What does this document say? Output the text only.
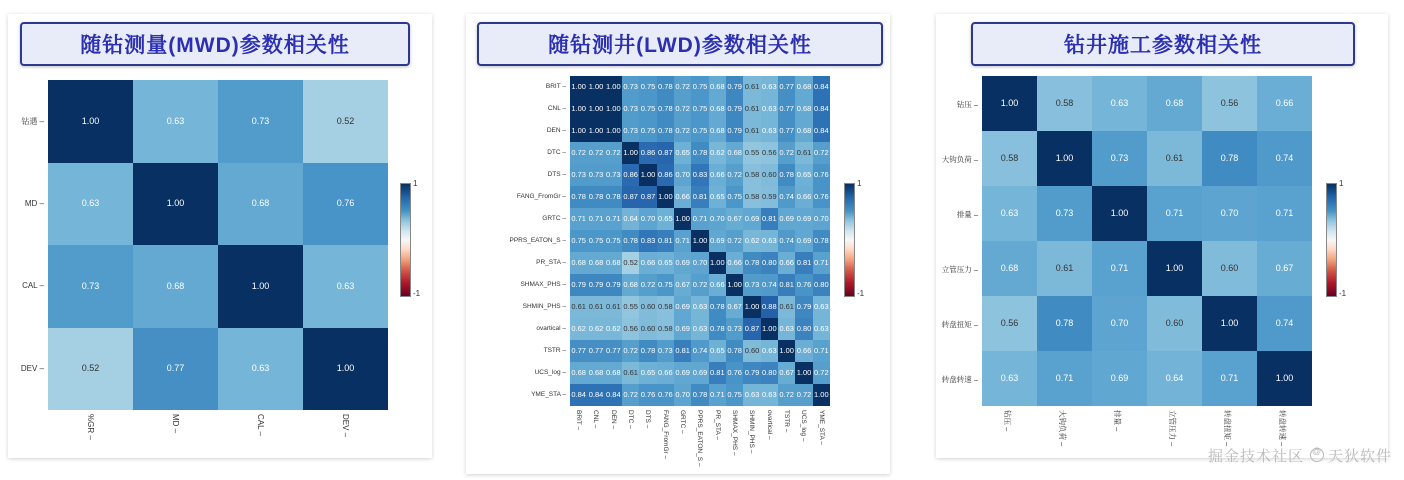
随钻测量(MWD)参数相关性
1.00	0.63	0.73	0.52
0.63	1.00	0.68	0.76
0.73	0.68	1.00	0.63
0.52	0.77	0.63	1.00
钻遇 –
MD –
CAL –
DEV –
%GR –	MD –	CAL –	DEV –
1
-1
随钻测井(LWD)参数相关性
1.00 1.00 1.00 0.73 0.75 0.78 0.72 0.75 0.68 0.79 0.61 0.63 0.77 0.68 0.84
1.00 1.00 1.00 0.73 0.75 0.78 0.72 0.75 0.68 0.79 0.61 0.63 0.77 0.68 0.84
1.00 1.00 1.00 0.73 0.75 0.78 0.72 0.75 0.68 0.79 0.61 0.63 0.77 0.68 0.84
0.72 0.72 0.72 1.00 0.86 0.87 0.65 0.78 0.62 0.68 0.55 0.56 0.72 0.61 0.72
0.73 0.73 0.73 0.86 1.00 0.86 0.70 0.83 0.66 0.72 0.58 0.60 0.78 0.65 0.76
0.78 0.78 0.78 0.87 0.87 1.00 0.66 0.81 0.65 0.75 0.58 0.59 0.74 0.66 0.76
0.71 0.71 0.71 0.64 0.70 0.65 1.00 0.71 0.70 0.67 0.69 0.81 0.69 0.69 0.70
0.75 0.75 0.75 0.78 0.83 0.81 0.71 1.00 0.69 0.72 0.62 0.63 0.74 0.69 0.78
0.68 0.68 0.68 0.52 0.66 0.65 0.69 0.70 1.00 0.66 0.78 0.80 0.66 0.81 0.71
0.79 0.79 0.79 0.68 0.72 0.75 0.67 0.72 0.66 1.00 0.73 0.74 0.81 0.76 0.80
0.61 0.61 0.61 0.55 0.60 0.58 0.69 0.63 0.78 0.67 1.00 0.88 0.61 0.79 0.63
0.62 0.62 0.62 0.56 0.60 0.58 0.69 0.63 0.78 0.73 0.87 1.00 0.63 0.80 0.63
0.77 0.77 0.77 0.72 0.78 0.73 0.81 0.74 0.65 0.78 0.60 0.63 1.00 0.66 0.71
0.68 0.68 0.68 0.61 0.65 0.66 0.69 0.69 0.81 0.76 0.79 0.80 0.67 1.00 0.72
0.84 0.84 0.84 0.72 0.76 0.76 0.70 0.78 0.71 0.75 0.63 0.63 0.72 0.72 1.00
BRIT –
CNL –
DEN –
DTC –
DTS –
FANG_FromGr –
GRTC –
PPRS_EATON_S –
PR_STA –
SHMAX_PHS –
SHMIN_PHS –
ovartical –
TSTR –
UCS_log –
YME_STA –
BRIT – CNL – DEN – DTC – DTS – FANG_FromGr – GRTC – PPRS_EATON_S – PR_STA – SHMAX_PHS – SHMIN_PHS – ovartical – TSTR – UCS_log – YME_STA –
1
-1
钻井施工参数相关性
1.00	0.58	0.63	0.68	0.56	0.66
0.58	1.00	0.73	0.61	0.78	0.74
0.63	0.73	1.00	0.71	0.70	0.71
0.68	0.61	0.71	1.00	0.60	0.67
0.56	0.78	0.70	0.60	1.00	0.74
0.63	0.71	0.69	0.64	0.71	1.00
钻压 –
大钩负荷 –
排量 –
立管压力 –
转盘扭矩 –
转盘转速 –
钻压 –	大钩负荷 –	排量 –	立管压力 –	转盘扭矩 –	转盘转速 –
1
-1
掘金技术社区 @ 天狄软件
